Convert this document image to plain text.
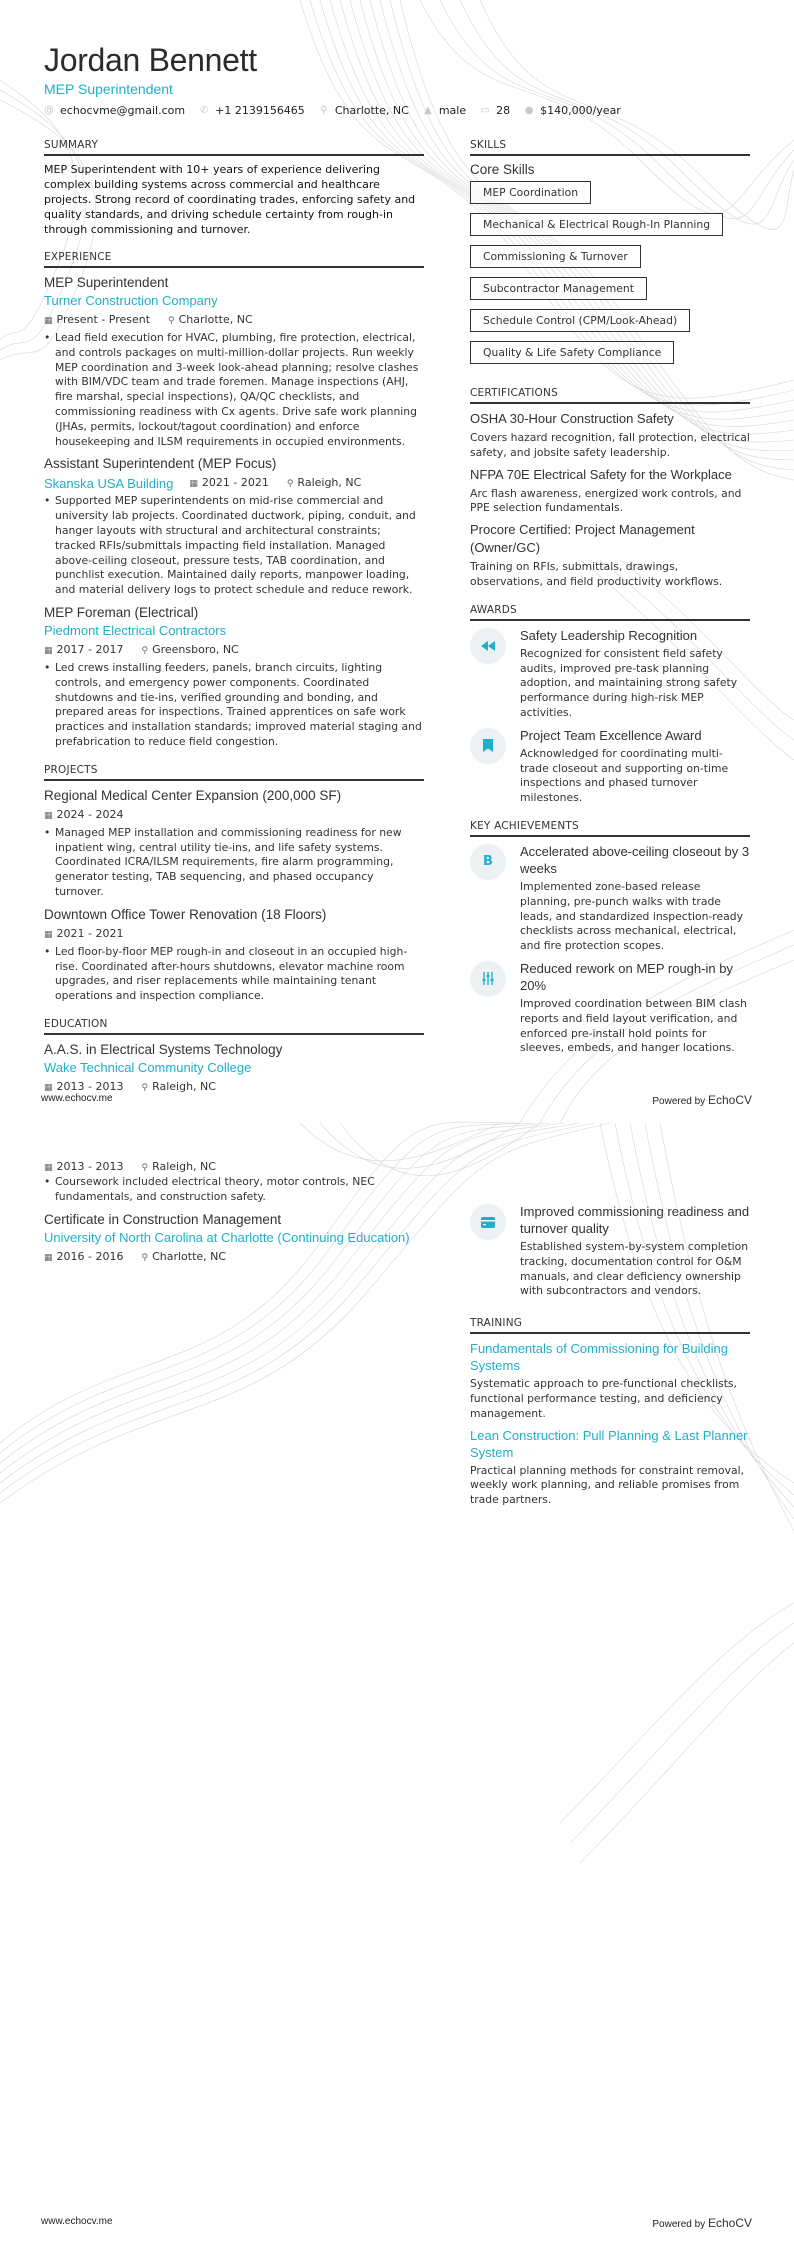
Jordan Bennett
MEP Superintendent
@ echocvme@gmail.com ✆ +1 2139156465 ⚲ Charlotte, NC ▲ male ▭ 28 ● $140,000/year
SUMMARY
MEP Superintendent with 10+ years of experience delivering complex building systems across commercial and healthcare projects. Strong record of coordinating trades, enforcing safety and quality standards, and driving schedule certainty from rough-in through commissioning and turnover.
EXPERIENCE
MEP Superintendent
Turner Construction Company
▦ Present - Present ⚲ Charlotte, NC
• Lead field execution for HVAC, plumbing, fire protection, electrical, and controls packages on multi-million-dollar projects. Run weekly MEP coordination and 3-week look-ahead planning; resolve clashes with BIM/VDC team and trade foremen. Manage inspections (AHJ, fire marshal, special inspections), QA/QC checklists, and commissioning readiness with Cx agents. Drive safe work planning (JHAs, permits, lockout/tagout coordination) and enforce housekeeping and ILSM requirements in occupied environments.
Assistant Superintendent (MEP Focus)
Skanska USA Building ▦ 2021 - 2021 ⚲ Raleigh, NC
• Supported MEP superintendents on mid-rise commercial and university lab projects. Coordinated ductwork, piping, conduit, and hanger layouts with structural and architectural constraints; tracked RFIs/submittals impacting field installation. Managed above-ceiling closeout, pressure tests, TAB coordination, and punchlist execution. Maintained daily reports, manpower loading, and material delivery logs to protect schedule and reduce rework.
MEP Foreman (Electrical)
Piedmont Electrical Contractors
▦ 2017 - 2017 ⚲ Greensboro, NC
• Led crews installing feeders, panels, branch circuits, lighting controls, and emergency power components. Coordinated shutdowns and tie-ins, verified grounding and bonding, and prepared areas for inspections. Trained apprentices on safe work practices and installation standards; improved material staging and prefabrication to reduce field congestion.
PROJECTS
Regional Medical Center Expansion (200,000 SF)
▦ 2024 - 2024
• Managed MEP installation and commissioning readiness for new inpatient wing, central utility tie-ins, and life safety systems. Coordinated ICRA/ILSM requirements, fire alarm programming, generator testing, TAB sequencing, and phased occupancy turnover.
Downtown Office Tower Renovation (18 Floors)
▦ 2021 - 2021
• Led floor-by-floor MEP rough-in and closeout in an occupied high-rise. Coordinated after-hours shutdowns, elevator machine room upgrades, and riser replacements while maintaining tenant operations and inspection compliance.
EDUCATION
A.A.S. in Electrical Systems Technology
Wake Technical Community College
▦ 2013 - 2013 ⚲ Raleigh, NC
SKILLS
Core Skills
MEP Coordination
Mechanical & Electrical Rough-In Planning
Commissioning & Turnover
Subcontractor Management
Schedule Control (CPM/Look-Ahead)
Quality & Life Safety Compliance
CERTIFICATIONS
OSHA 30-Hour Construction Safety
Covers hazard recognition, fall protection, electrical safety, and jobsite safety leadership.
NFPA 70E Electrical Safety for the Workplace
Arc flash awareness, energized work controls, and PPE selection fundamentals.
Procore Certified: Project Management (Owner/GC)
Training on RFIs, submittals, drawings, observations, and field productivity workflows.
AWARDS
Safety Leadership Recognition
Recognized for consistent field safety audits, improved pre-task planning adoption, and maintaining strong safety performance during high-risk MEP activities.
Project Team Excellence Award
Acknowledged for coordinating multi-trade closeout and supporting on-time inspections and phased turnover milestones.
KEY ACHIEVEMENTS
B
Accelerated above-ceiling closeout by 3 weeks
Implemented zone-based release planning, pre-punch walks with trade leads, and standardized inspection-ready checklists across mechanical, electrical, and fire protection scopes.
Reduced rework on MEP rough-in by 20%
Improved coordination between BIM clash reports and field layout verification, and enforced pre-install hold points for sleeves, embeds, and hanger locations.
www.echocv.me	Powered by EchoCV
▦ 2013 - 2013 ⚲ Raleigh, NC
• Coursework included electrical theory, motor controls, NEC fundamentals, and construction safety.
Certificate in Construction Management
University of North Carolina at Charlotte (Continuing Education)
▦ 2016 - 2016 ⚲ Charlotte, NC
Improved commissioning readiness and turnover quality
Established system-by-system completion tracking, documentation control for O&M manuals, and clear deficiency ownership with subcontractors and vendors.
TRAINING
Fundamentals of Commissioning for Building Systems
Systematic approach to pre-functional checklists, functional performance testing, and deficiency management.
Lean Construction: Pull Planning & Last Planner System
Practical planning methods for constraint removal, weekly work planning, and reliable promises from trade partners.
www.echocv.me	Powered by EchoCV
